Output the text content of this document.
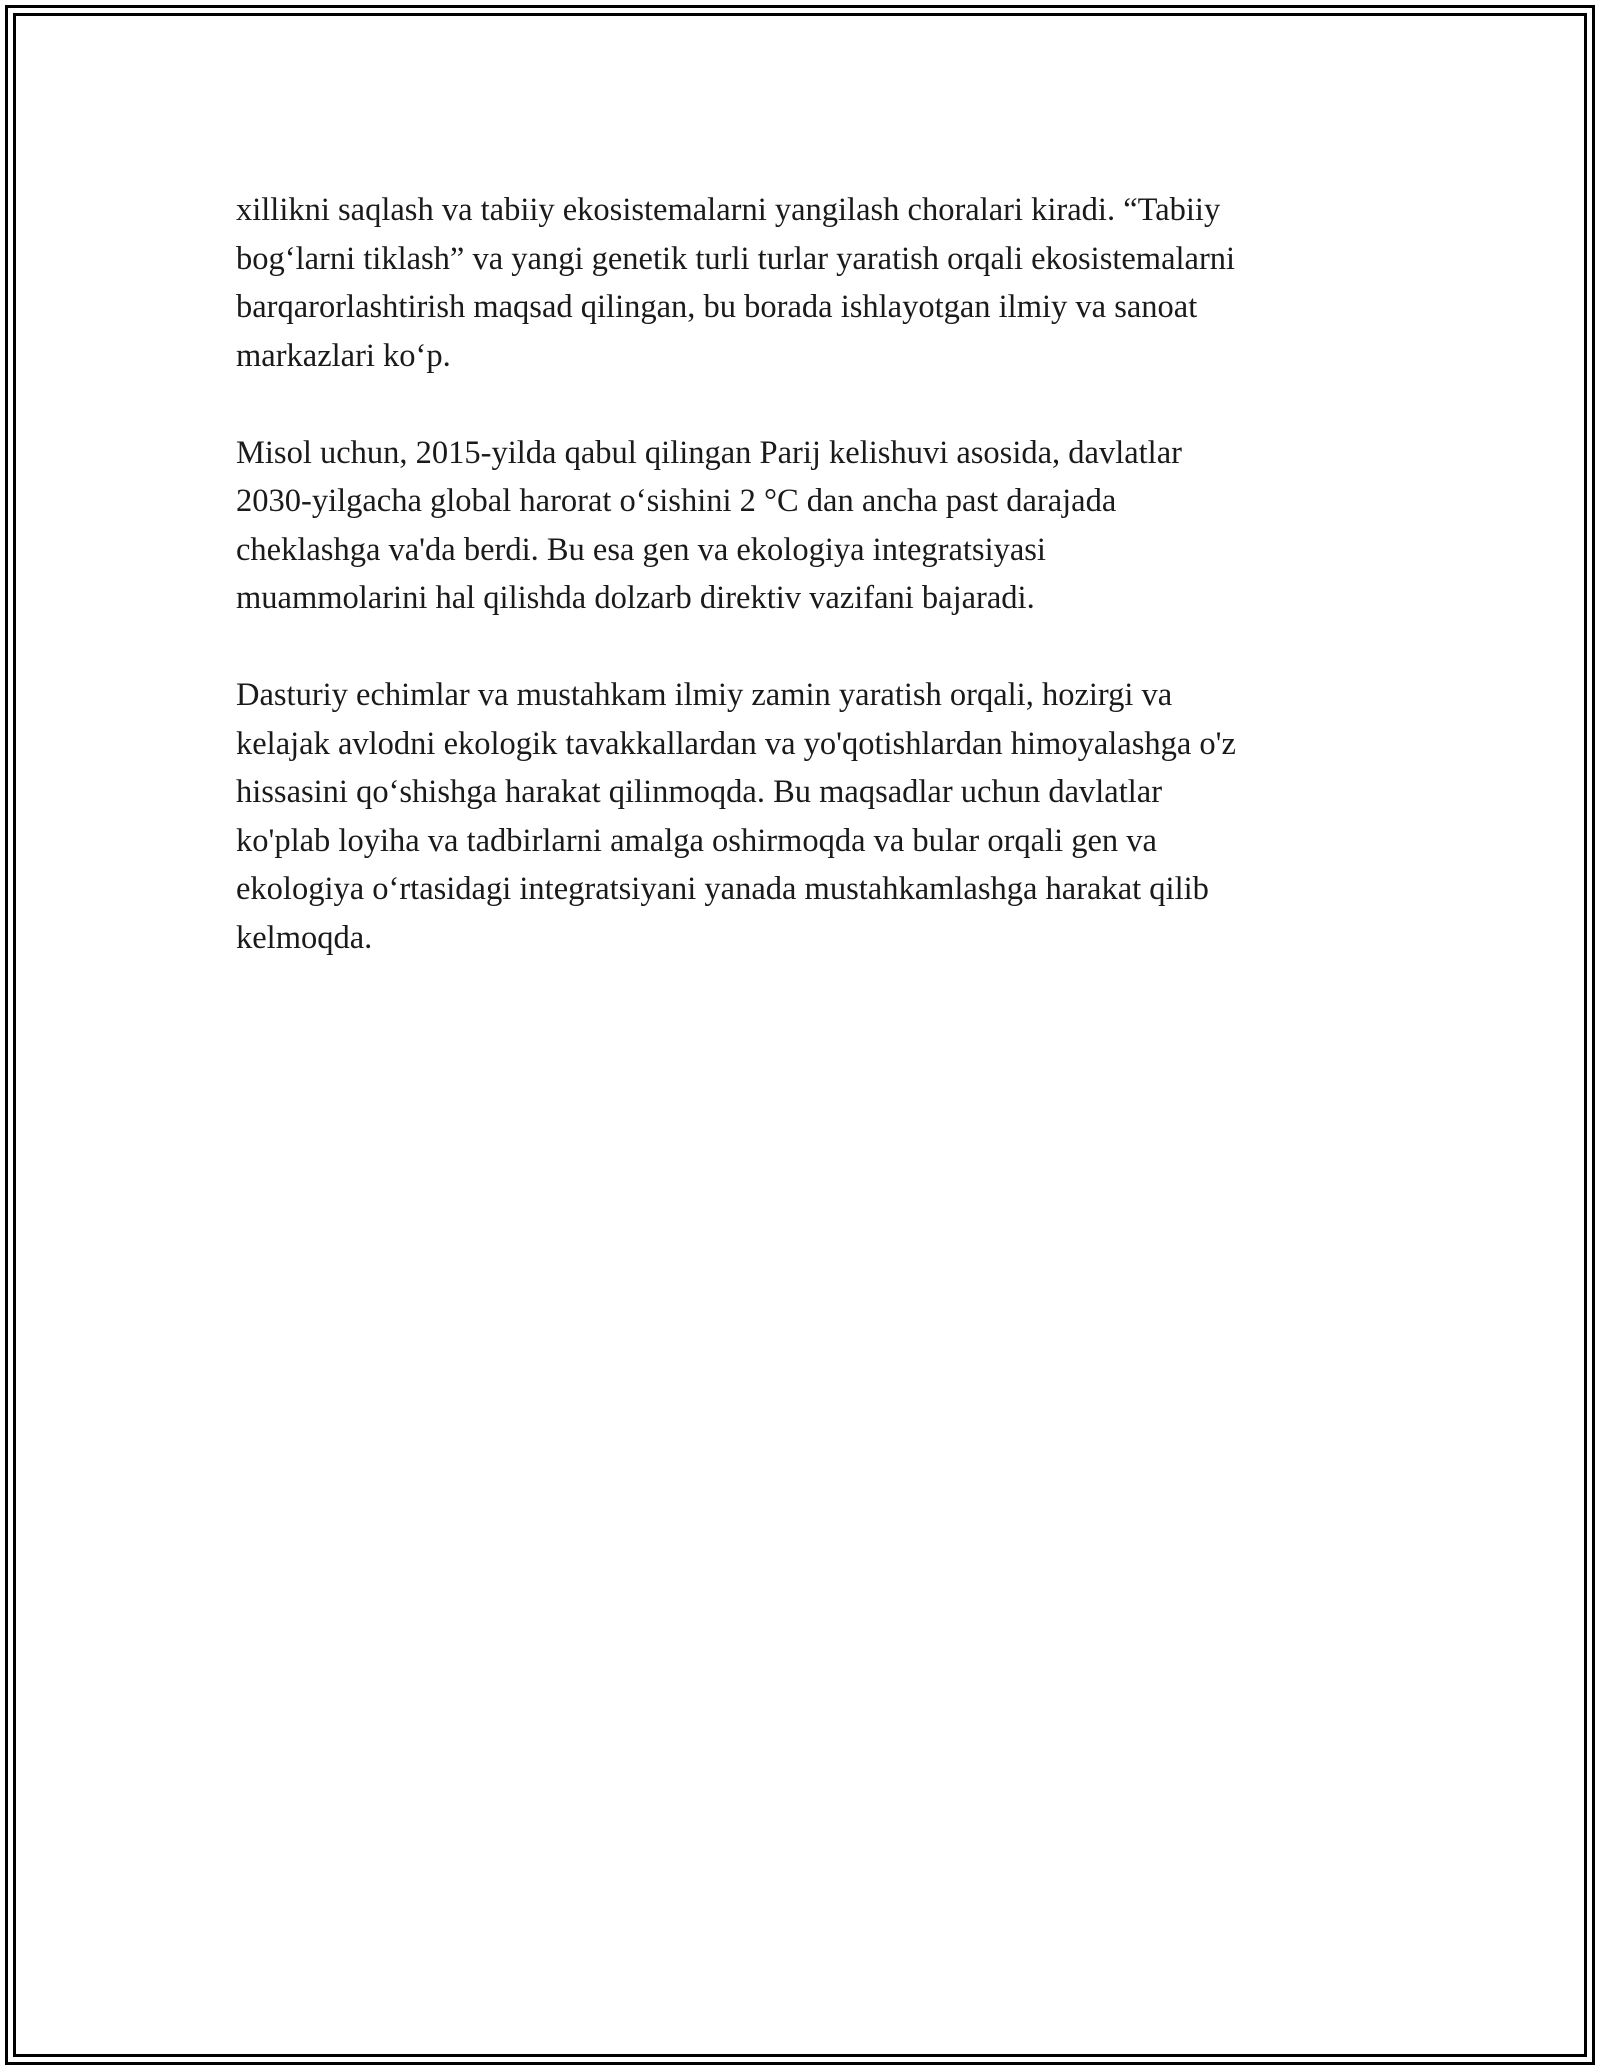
xillikni saqlash va tabiiy ekosistemalarni yangilash choralari kiradi. “Tabiiy
bog‘larni tiklash” va yangi genetik turli turlar yaratish orqali ekosistemalarni
barqarorlashtirish maqsad qilingan, bu borada ishlayotgan ilmiy va sanoat
markazlari ko‘p.

Misol uchun, 2015-yilda qabul qilingan Parij kelishuvi asosida, davlatlar
2030-yilgacha global harorat o‘sishini 2 °C dan ancha past darajada
cheklashga va'da berdi. Bu esa gen va ekologiya integratsiyasi
muammolarini hal qilishda dolzarb direktiv vazifani bajaradi.

Dasturiy echimlar va mustahkam ilmiy zamin yaratish orqali, hozirgi va
kelajak avlodni ekologik tavakkallardan va yo'qotishlardan himoyalashga o'z
hissasini qo‘shishga harakat qilinmoqda. Bu maqsadlar uchun davlatlar
ko'plab loyiha va tadbirlarni amalga oshirmoqda va bular orqali gen va
ekologiya o‘rtasidagi integratsiyani yanada mustahkamlashga harakat qilib
kelmoqda.
